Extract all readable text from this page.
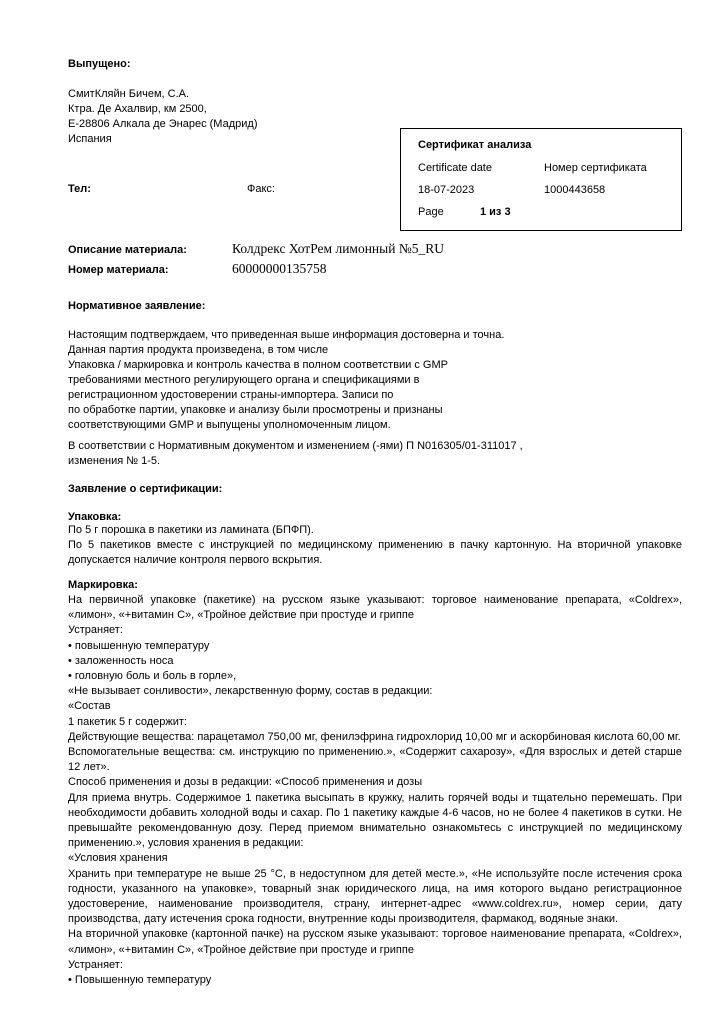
Выпущено:
СмитКляйн Бичем, С.А.
Ктра. Де Ахалвир, км 2500,
E-28806 Алкала де Энарес (Мадрид)
Испания
Тел:	Факс:
Сертификат анализа
Certificate date	Номер сертификата
18-07-2023	1000443658
Page	1 из 3
Описание материала:	Колдрекс ХотРем лимонный №5_RU
Номер материала:	60000000135758
Нормативное заявление:
Настоящим подтверждаем, что приведенная выше информация достоверна и точна.
Данная партия продукта произведена, в том числе
Упаковка / маркировка и контроль качества в полном соответствии с GMP
требованиями местного регулирующего органа и спецификациями в
регистрационном удостоверении страны-импортера. Записи по
по обработке партии, упаковке и анализу были просмотрены и признаны
соответствующими GMP и выпущены уполномоченным лицом.
В соответствии с Нормативным документом и изменением (-ями) П N016305/01-311017 ,
изменения № 1-5.
Заявление о сертификации:
Упаковка:
По 5 г порошка в пакетики из ламината (БПФП).
По 5 пакетиков вместе с инструкцией по медицинскому применению в пачку картонную. На вторичной упаковке допускается наличие контроля первого вскрытия.
Маркировка:
На первичной упаковке (пакетике) на русском языке указывают: торговое наименование препарата, «Coldrex», «лимон», «+витамин С», «Тройное действие при простуде и гриппе
Устраняет:
• повышенную температуру
• заложенность носа
• головную боль и боль в горле»,
«Не вызывает сонливости», лекарственную форму, состав в редакции:
«Состав
1 пакетик 5 г содержит:
Действующие вещества: парацетамол 750,00 мг, фенилэфрина гидрохлорид 10,00 мг и аскорбиновая кислота 60,00 мг.
Вспомогательные вещества: см. инструкцию по применению.», «Содержит сахарозу», «Для взрослых и детей старше 12 лет».
Способ применения и дозы в редакции: «Способ применения и дозы
Для приема внутрь. Содержимое 1 пакетика высыпать в кружку, налить горячей воды и тщательно перемешать. При необходимости добавить холодной воды и сахар. По 1 пакетику каждые 4-6 часов, но не более 4 пакетиков в сутки. Не превышайте рекомендованную дозу. Перед приемом внимательно ознакомьтесь с инструкцией по медицинскому применению.», условия хранения в редакции:
«Условия хранения
Хранить при температуре не выше 25 °С, в недоступном для детей месте.», «Не используйте после истечения срока годности, указанного на упаковке», товарный знак юридического лица, на имя которого выдано регистрационное удостоверение, наименование производителя, страну, интернет-адрес «www.coldrex.ru», номер серии, дату производства, дату истечения срока годности, внутренние коды производителя, фармакод, водяные знаки.
На вторичной упаковке (картонной пачке) на русском языке указывают: торговое наименование препарата, «Coldrex», «лимон», «+витамин С», «Тройное действие при простуде и гриппе
Устраняет:
• Повышенную температуру
